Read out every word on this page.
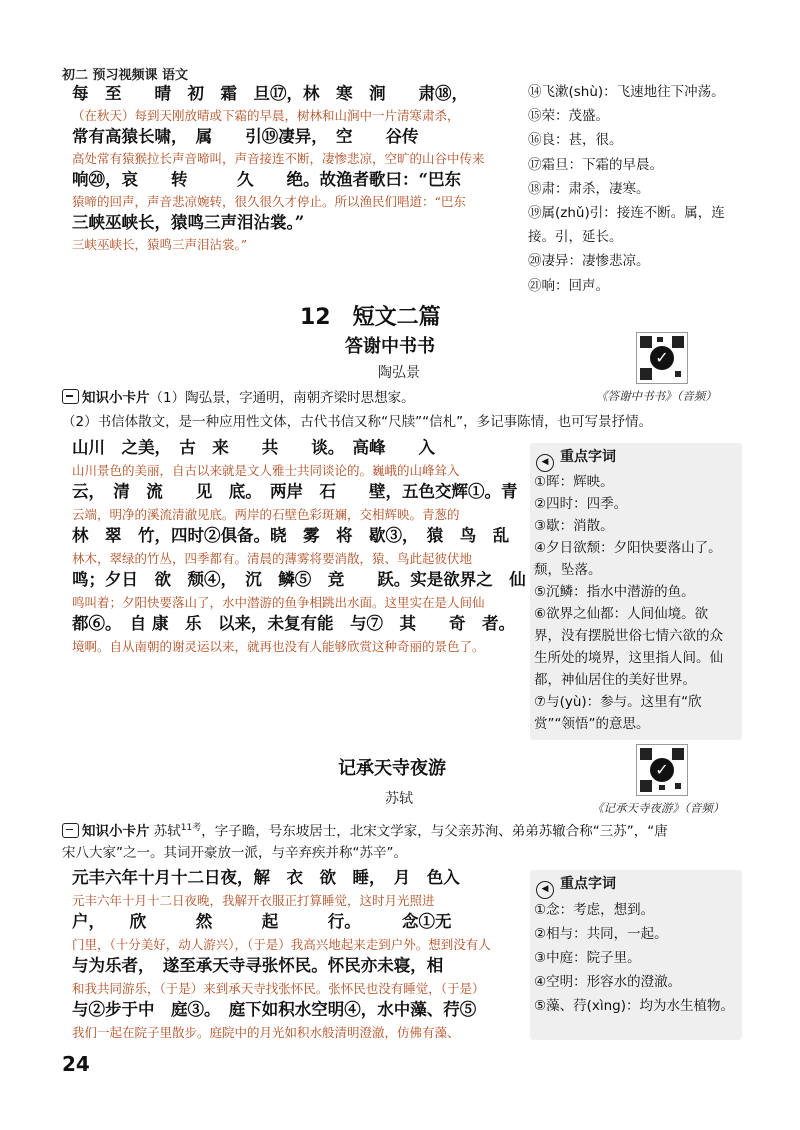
初二 预习视频课 语文
每　至　　晴　初　霜　旦⑰，林　寒　涧　　肃⑱，
（在秋天）每到天刚放晴或下霜的早晨，树林和山涧中一片清寒肃杀，
常有高猿长啸，　属　　引⑲凄异，　空　　谷传
高处常有猿猴拉长声音啼叫，声音接连不断，凄惨悲凉，空旷的山谷中传来
响⑳，哀　　转　　　久　　绝。故渔者歌曰：“巴东
猿啼的回声，声音悲凉婉转，很久很久才停止。所以渔民们唱道：“巴东
三峡巫峡长，猿鸣三声泪沾裳。”
三峡巫峡长，猿鸣三声泪沾裳。”
⑭飞漱(shù)：飞速地往下冲荡。
⑮荣：茂盛。
⑯良：甚，很。
⑰霜旦：下霜的早晨。
⑱肃：肃杀，凄寒。
⑲属(zhǔ)引：接连不断。属，连
接。引，延长。
⑳凄异：凄惨悲凉。
㉑响：回声。
12　短文二篇
答谢中书书
陶弘景
✓
《答谢中书书》（音频）
知识小卡片（1）陶弘景，字通明，南朝齐梁时思想家。
（2）书信体散文，是一种应用性文体，古代书信又称“尺牍”“信札”，多记事陈情，也可写景抒情。
山川　之美，　古　来　　共　　谈。　高峰　　入
山川景色的美丽，自古以来就是文人雅士共同谈论的。巍峨的山峰耸入
云，　清　流　　见　底。　两岸　石　　壁，五色交辉①。青
云端，明净的溪流清澈见底。两岸的石壁色彩斑斓，交相辉映。青葱的
林　翠　竹，四时②俱备。晓　雾　将　歇③，　猿　鸟　乱
林木，翠绿的竹丛，四季都有。清晨的薄雾将要消散，猿、鸟此起彼伏地
鸣；夕日　欲　颓④，　沉　鳞⑤　竞　　跃。实是欲界之　仙
鸣叫着；夕阳快要落山了，水中潜游的鱼争相跳出水面。这里实在是人间仙
都⑥。　自 康　乐　以来，未复有能　与⑦　其　　奇　者。
境啊。自从南朝的谢灵运以来，就再也没有人能够欣赏这种奇丽的景色了。
◀ 重点字词
①晖：辉映。
②四时：四季。
③歇：消散。
④夕日欲颓：夕阳快要落山了。
颓，坠落。
⑤沉鳞：指水中潜游的鱼。
⑥欲界之仙都：人间仙境。欲
界，没有摆脱世俗七情六欲的众
生所处的境界，这里指人间。仙
都，神仙居住的美好世界。
⑦与(yù)：参与。这里有“欣
赏”“领悟”的意思。
记承天寺夜游
苏轼
✓
《记承天寺夜游》（音频）
知识小卡片 苏轼$^{11考}$，字子瞻，号东坡居士，北宋文学家，与父亲苏洵、弟弟苏辙合称“三苏”，“唐
宋八大家”之一。其词开豪放一派，与辛弃疾并称“苏辛”。
元丰六年十月十二日夜，解　衣　欲　睡，　月　色入
元丰六年十月十二日夜晚，我解开衣服正打算睡觉，这时月光照进
户，　　欣　　　然　　　起　　　行。　　　念①无
门里，（十分美好，动人游兴），（于是）我高兴地起来走到户外。想到没有人
与为乐者，　遂至承天寺寻张怀民。怀民亦未寝，相
和我共同游乐，（于是）来到承天寺找张怀民。张怀民也没有睡觉，（于是）
与②步于中　庭③。　庭下如积水空明④，水中藻、荇⑤
我们一起在院子里散步。庭院中的月光如积水般清明澄澈，仿佛有藻、
◀ 重点字词
①念：考虑，想到。
②相与：共同，一起。
③中庭：院子里。
④空明：形容水的澄澈。
⑤藻、荇(xìng)：均为水生植物。
24
